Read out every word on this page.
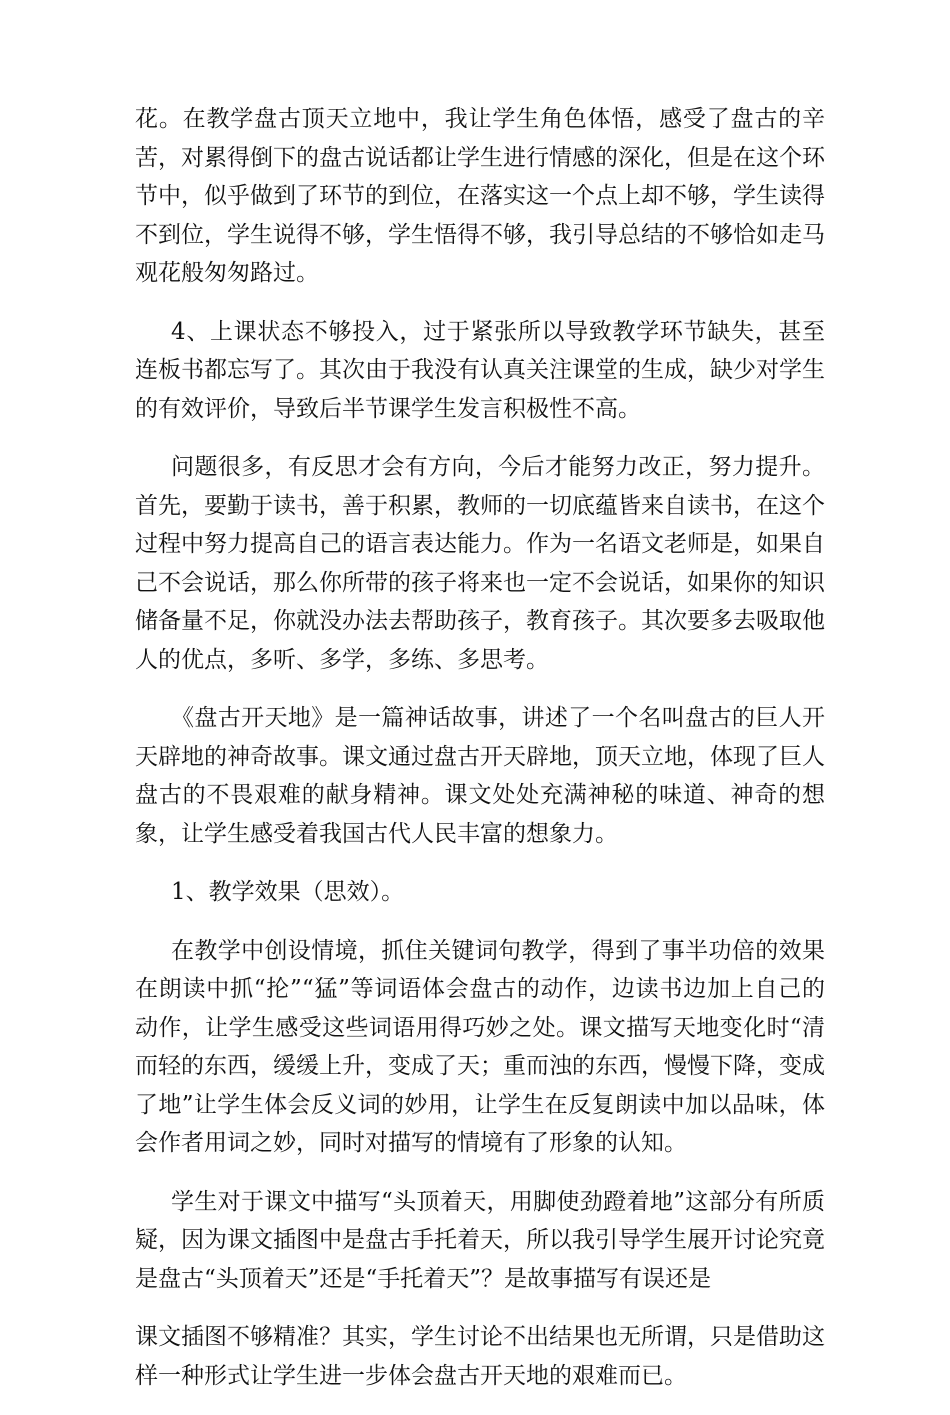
花。在教学盘古顶天立地中，我让学生角色体悟，感受了盘古的辛苦，对累得倒下的盘古说话都让学生进行情感的深化，但是在这个环节中，似乎做到了环节的到位，在落实这一个点上却不够，学生读得不到位，学生说得不够，学生悟得不够，我引导总结的不够恰如走马观花般匆匆路过。

4、上课状态不够投入，过于紧张所以导致教学环节缺失，甚至连板书都忘写了。其次由于我没有认真关注课堂的生成，缺少对学生的有效评价，导致后半节课学生发言积极性不高。

问题很多，有反思才会有方向，今后才能努力改正，努力提升。首先，要勤于读书，善于积累，教师的一切底蕴皆来自读书，在这个过程中努力提高自己的语言表达能力。作为一名语文老师是，如果自己不会说话，那么你所带的孩子将来也一定不会说话，如果你的知识储备量不足，你就没办法去帮助孩子，教育孩子。其次要多去吸取他人的优点，多听、多学，多练、多思考。

《盘古开天地》是一篇神话故事，讲述了一个名叫盘古的巨人开天辟地的神奇故事。课文通过盘古开天辟地，顶天立地，体现了巨人盘古的不畏艰难的献身精神。课文处处充满神秘的味道、神奇的想象，让学生感受着我国古代人民丰富的想象力。

1、教学效果（思效）。

在教学中创设情境，抓住关键词句教学，得到了事半功倍的效果在朗读中抓“抡”“猛”等词语体会盘古的动作，边读书边加上自己的动作，让学生感受这些词语用得巧妙之处。课文描写天地变化时“清而轻的东西，缓缓上升，变成了天；重而浊的东西，慢慢下降，变成了地”让学生体会反义词的妙用，让学生在反复朗读中加以品味，体会作者用词之妙，同时对描写的情境有了形象的认知。

学生对于课文中描写“头顶着天，用脚使劲蹬着地”这部分有所质疑，因为课文插图中是盘古手托着天，所以我引导学生展开讨论究竟是盘古“头顶着天”还是“手托着天”？是故事描写有误还是

课文插图不够精准？其实，学生讨论不出结果也无所谓，只是借助这样一种形式让学生进一步体会盘古开天地的艰难而已。
